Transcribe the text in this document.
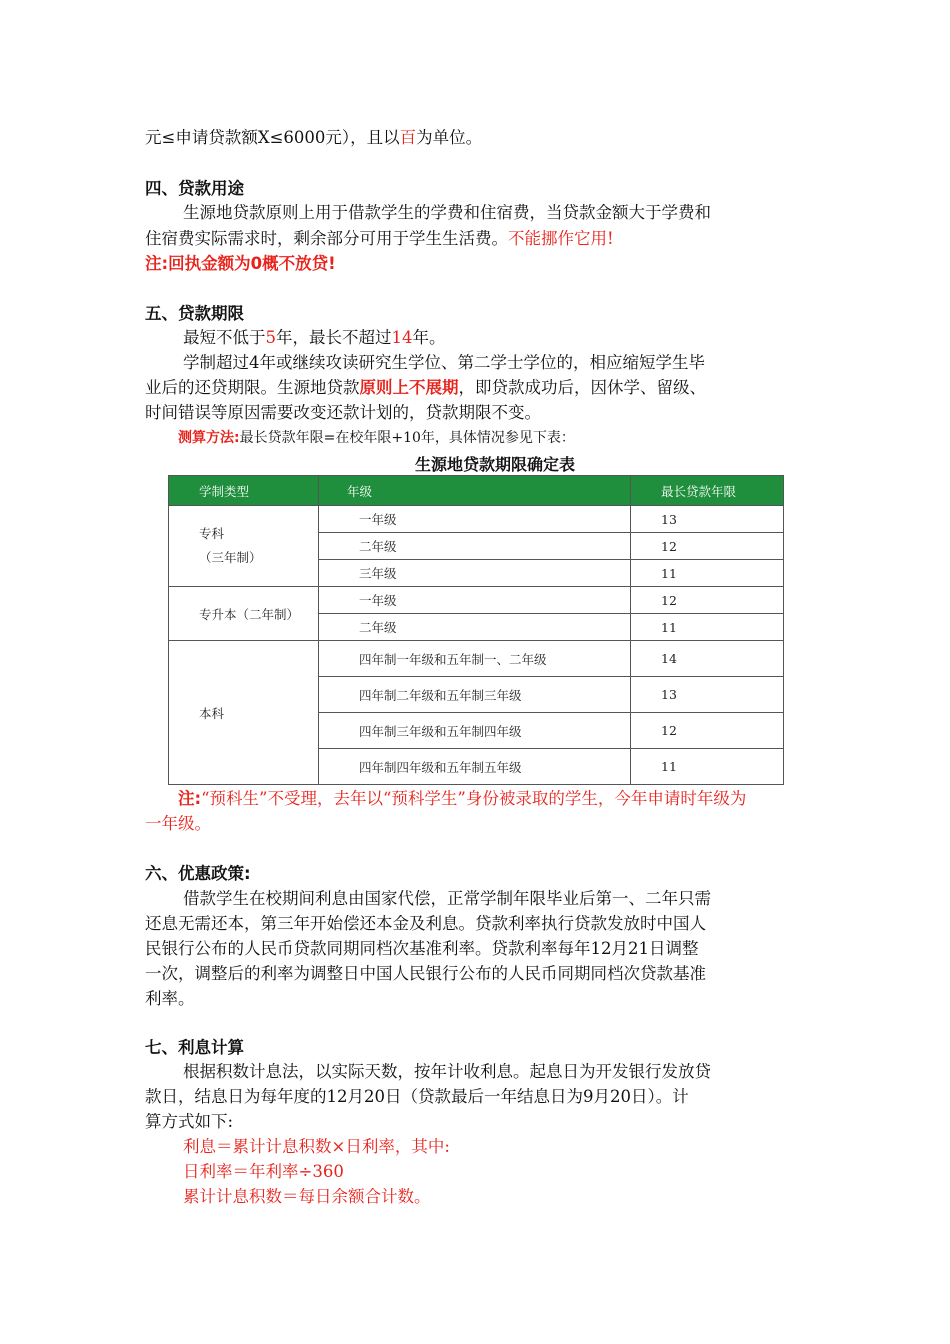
元≤申请贷款额X≤6000元），且以百为单位。
四、贷款用途
生源地贷款原则上用于借款学生的学费和住宿费，当贷款金额大于学费和
住宿费实际需求时，剩余部分可用于学生生活费。不能挪作它用!
注:回执金额为0概不放贷!
五、贷款期限
最短不低于5年，最长不超过14年。
学制超过4年或继续攻读研究生学位、第二学士学位的，相应缩短学生毕
业后的还贷期限。生源地贷款原则上不展期，即贷款成功后，因休学、留级、
时间错误等原因需要改变还款计划的，贷款期限不变。
测算方法:最长贷款年限=在校年限+10年，具体情况参见下表：
生源地贷款期限确定表
学制类型	年级	最长贷款年限

专科
（三年制）	一年级	13
	二年级	12
	三年级	11
专升本（二年制）	一年级	12
	二年级	11
本科	四年制一年级和五年制一、二年级	14
	四年制二年级和五年制三年级	13
	四年制三年级和五年制四年级	12
	四年制四年级和五年制五年级	11
注:“预科生”不受理，去年以“预科学生”身份被录取的学生，今年申请时年级为
一年级。
六、优惠政策:
借款学生在校期间利息由国家代偿，正常学制年限毕业后第一、二年只需
还息无需还本，第三年开始偿还本金及利息。贷款利率执行贷款发放时中国人
民银行公布的人民币贷款同期同档次基准利率。贷款利率每年12月21日调整
一次，调整后的利率为调整日中国人民银行公布的人民币同期同档次贷款基准
利率。
七、利息计算
根据积数计息法，以实际天数，按年计收利息。起息日为开发银行发放贷
款日，结息日为每年度的12月20日（贷款最后一年结息日为9月20日）。计
算方式如下:
利息＝累计计息积数×日利率，其中:
日利率＝年利率÷360
累计计息积数＝每日余额合计数。
